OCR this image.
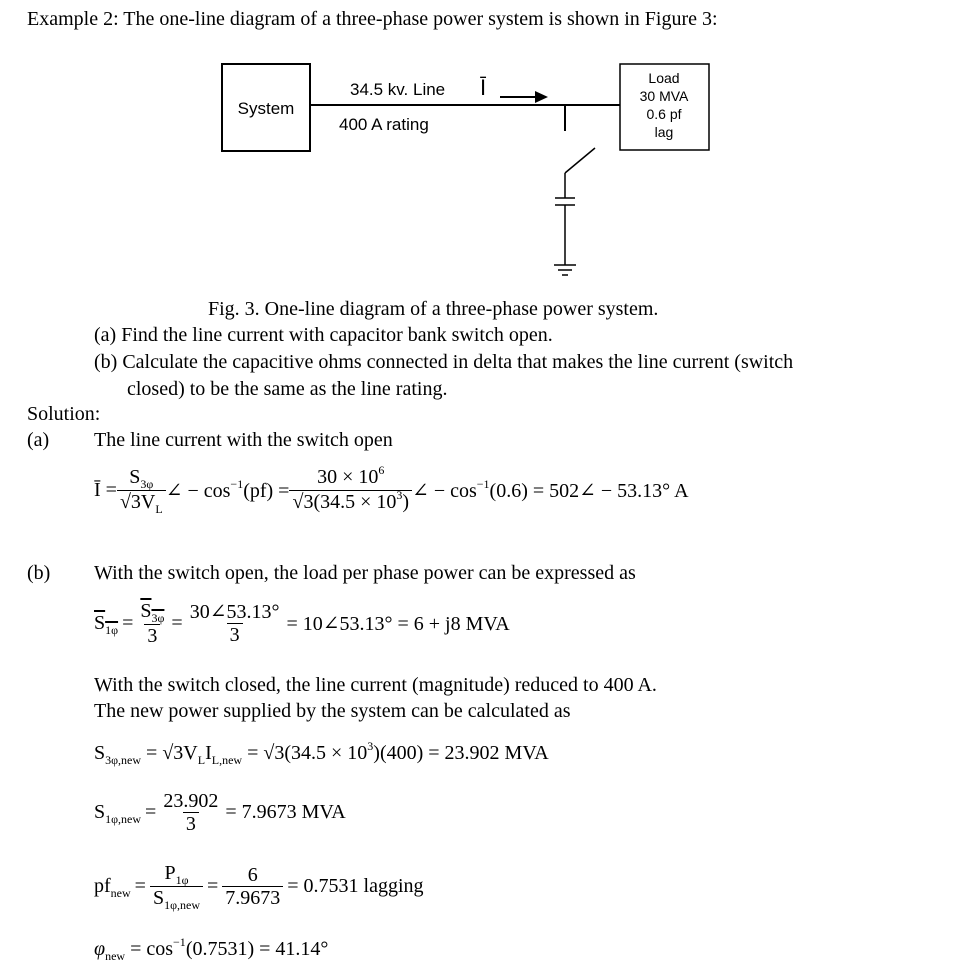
Example 2: The one-line diagram of a three-phase power system is shown in Figure 3:
System
34.5 kv. Line Ī
400 A rating
Load
30 MVA
0.6 pf
lag
Fig. 3. One-line diagram of a three-phase power system.
(a) Find the line current with capacitor bank switch open.
(b) Calculate the capacitive ohms connected in delta that makes the line current (switch
closed) to be the same as the line rating.
Solution:
(a) The line current with the switch open
Ī = $\frac{S_{3\varphi}}{√3V_L}$ ∠ − $\cos^{-1}(pf) = \frac{30 \times 10^6}{√3(34.5 \times 10^3)}$ ∠ − $\cos^{-1}(0.6)$ = 502∠ − 53.13° A
(b) With the switch open, the load per phase power can be expressed as
$S_{1\varphi} = \frac{S_{3\varphi}}{3} = \frac{30\angle 53.13^\circ}{3}$ = 10∠53.13° = 6 + j8 MVA
With the switch closed, the line current (magnitude) reduced to 400 A.
The new power supplied by the system can be calculated as
$S_{3\varphi,new} = √3V_LI_{L,new} = √3(34.5 \times 10^3)(400) = 23.902$ MVA
$S_{1\varphi,new} = \frac{23.902}{3} = 7.9673$ MVA
$pf_{new} = \frac{P_{1\varphi}}{S_{1\varphi,new}} = \frac{6}{7.9673} = 0.7531$ lagging
$\varphi_{new} = \cos^{-1}(0.7531) = 41.14^\circ$
